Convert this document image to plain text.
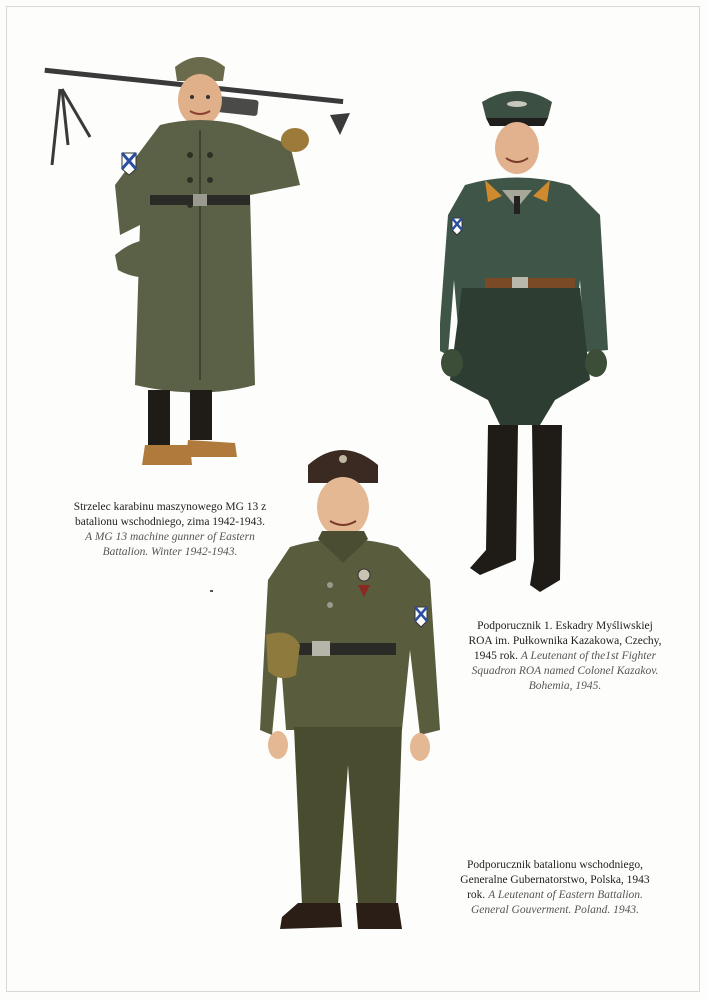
Strzelec karabinu maszynowego MG 13 z

batalionu wschodniego, zima 1942-1943.

A MG 13 machine gunner of Eastern

Battalion. Winter 1942-1943.

Podporucznik 1. Eskadry Myśliwskiej

ROA im. Pułkownika Kazakowa, Czechy,

1945 rok. A Leutenant of the1st Fighter

Squadron ROA named Colonel Kazakov.

Bohemia, 1945.

Podporucznik batalionu wschodniego,

Generalne Gubernatorstwo, Polska, 1943

rok. A Leutenant of Eastern Battalion.

General Gouverment. Poland. 1943.
